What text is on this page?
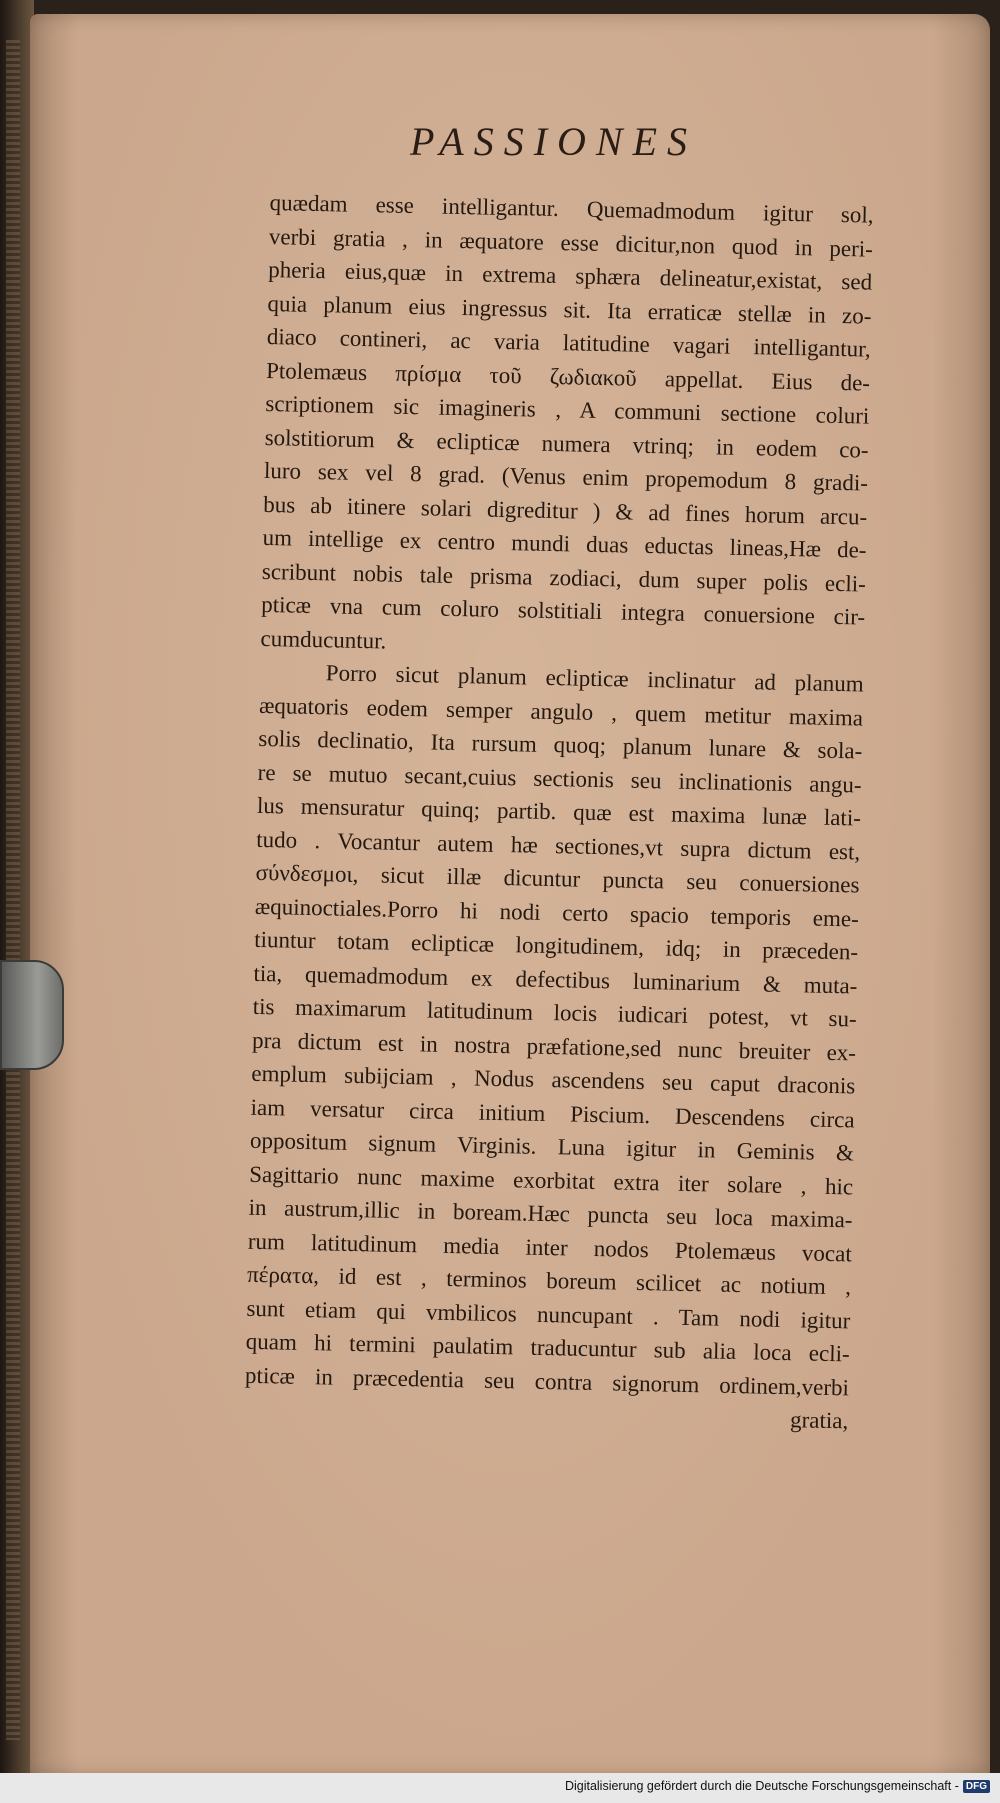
PASSIONES
quædam esse intelligantur. Quemadmodum igitur sol,
verbi gratia , in æquatore esse dicitur,non quod in peri-
pheria eius,quæ in extrema sphæra delineatur,existat, sed
quia planum eius ingressus sit. Ita erraticæ stellæ in zo-
diaco contineri, ac varia latitudine vagari intelligantur,
Ptolemæus πρίσμα τοῦ ζωδιακοῦ appellat. Eius de-
scriptionem sic imagineris , A communi sectione coluri
solstitiorum & eclipticæ numera vtrinq; in eodem co-
luro sex vel 8 grad. (Venus enim propemodum 8 gradi-
bus ab itinere solari digreditur ) & ad fines horum arcu-
um intellige ex centro mundi duas eductas lineas,Hæ de-
scribunt nobis tale prisma zodiaci, dum super polis ecli-
pticæ vna cum coluro solstitiali integra conuersione cir-
cumducuntur.
Porro sicut planum eclipticæ inclinatur ad planum
æquatoris eodem semper angulo , quem metitur maxima
solis declinatio, Ita rursum quoq; planum lunare & sola-
re se mutuo secant,cuius sectionis seu inclinationis angu-
lus mensuratur quinq; partib. quæ est maxima lunæ lati-
tudo . Vocantur autem hæ sectiones,vt supra dictum est,
σύνδεσμοι, sicut illæ dicuntur puncta seu conuersiones
æquinoctiales.Porro hi nodi certo spacio temporis eme-
tiuntur totam eclipticæ longitudinem, idq; in præceden-
tia, quemadmodum ex defectibus luminarium & muta-
tis maximarum latitudinum locis iudicari potest, vt su-
pra dictum est in nostra præfatione,sed nunc breuiter ex-
emplum subijciam , Nodus ascendens seu caput draconis
iam versatur circa initium Piscium. Descendens circa
oppositum signum Virginis. Luna igitur in Geminis &
Sagittario nunc maxime exorbitat extra iter solare , hic
in austrum,illic in boream.Hæc puncta seu loca maxima-
rum latitudinum media inter nodos Ptolemæus vocat
πέρατα, id est , terminos boreum scilicet ac notium ,
sunt etiam qui vmbilicos nuncupant . Tam nodi igitur
quam hi termini paulatim traducuntur sub alia loca ecli-
pticæ in præcedentia seu contra signorum ordinem,verbi
gratia,
Digitalisierung gefördert durch die Deutsche Forschungsgemeinschaft - DFG
